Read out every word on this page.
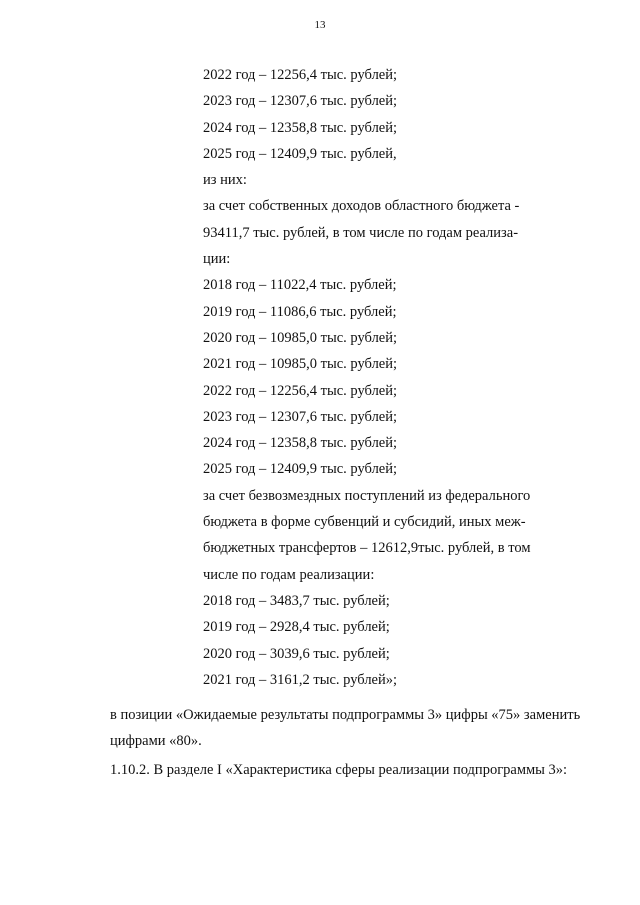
13
2022 год – 12256,4 тыс. рублей;
2023 год – 12307,6 тыс. рублей;
2024 год – 12358,8 тыс. рублей;
2025 год – 12409,9 тыс. рублей,
из них:
за счет собственных доходов областного бюджета -
93411,7 тыс. рублей, в том числе по годам реализа-
ции:
2018 год – 11022,4 тыс. рублей;
2019 год – 11086,6 тыс. рублей;
2020 год – 10985,0 тыс. рублей;
2021 год – 10985,0 тыс. рублей;
2022 год – 12256,4 тыс. рублей;
2023 год – 12307,6 тыс. рублей;
2024 год – 12358,8 тыс. рублей;
2025 год – 12409,9 тыс. рублей;
за счет безвозмездных поступлений из федерального
бюджета в форме субвенций и субсидий, иных меж-
бюджетных трансфертов – 12612,9тыс. рублей, в том
числе по годам реализации:
2018 год – 3483,7 тыс. рублей;
2019 год – 2928,4 тыс. рублей;
2020 год – 3039,6 тыс. рублей;
2021 год – 3161,2 тыс. рублей»;
в позиции «Ожидаемые результаты подпрограммы 3» цифры «75» заменить
цифрами «80».
1.10.2. В разделе I «Характеристика сферы реализации подпрограммы 3»:
